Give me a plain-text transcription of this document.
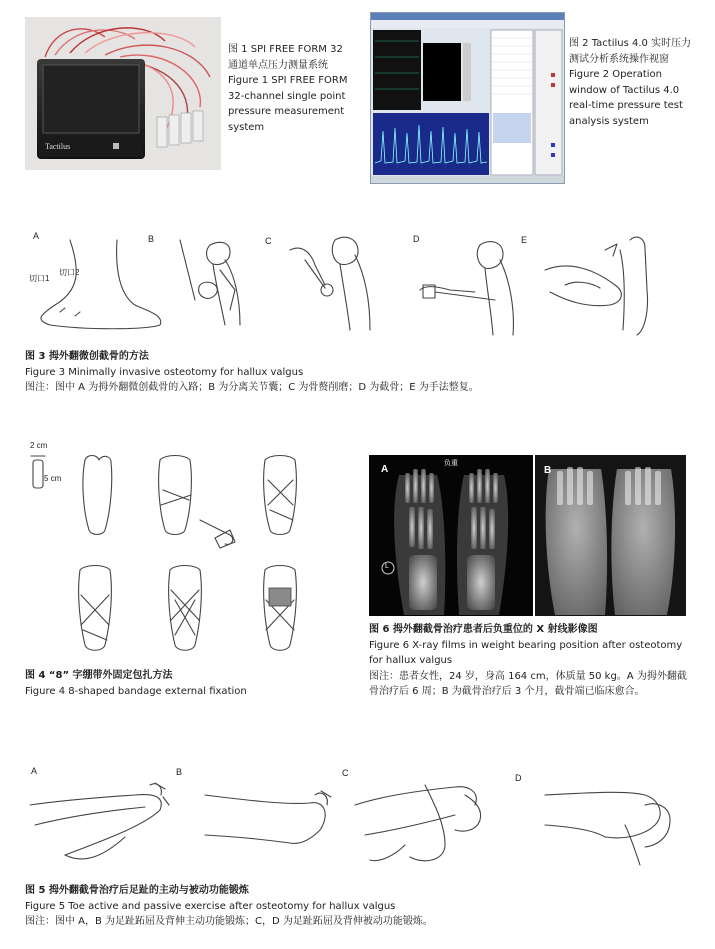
Tactilus
图 1 SPI FREE FORM 32 通道单点压力测量系统
Figure 1 SPI FREE FORM 32-channel single point pressure measurement system
图 2 Tactilus 4.0 实时压力测试分析系统操作视窗
Figure 2 Operation window of Tactilus 4.0 real-time pressure test analysis system
A	B	C	D	E
切口1
切口2
图 3 拇外翻微创截骨的方法
Figure 3 Minimally invasive osteotomy for hallux valgus
图注：图中 A 为拇外翻微创截骨的入路；B 为分离关节囊；C 为骨赘削磨；D 为截骨；E 为手法整复。
2 cm
5 cm
图 4 “8” 字绷带外固定包扎方法
Figure 4 8-shaped bandage external fixation
A
负重
L
B
图 6 拇外翻截骨治疗患者后负重位的 X 射线影像图
Figure 6 X-ray films in weight bearing position after osteotomy for hallux valgus
图注：患者女性，24 岁，身高 164 cm，体质量 50 kg。A 为拇外翻截骨治疗后 6 周；B 为截骨治疗后 3 个月，截骨端已临床愈合。
A	B	C	D
图 5 拇外翻截骨治疗后足趾的主动与被动功能锻炼
Figure 5 Toe active and passive exercise after osteotomy for hallux valgus
图注：图中 A，B 为足趾跖屈及背伸主动功能锻炼；C，D 为足趾跖屈及背伸被动功能锻炼。
